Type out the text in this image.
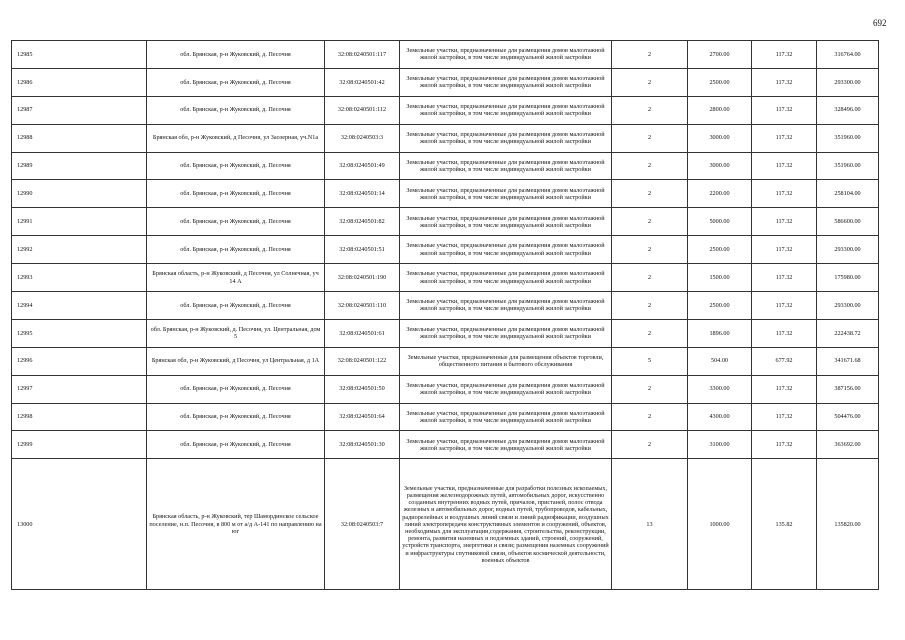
692
12985	обл. Брянская, р-н Жуковский, д. Песочня	32:08:0240501:117	Земельные участки, предназначенные для размещения домов малоэтажной жилой застройки, в том числе индивидуальной жилой застройки	2	2700.00	117.32	316764.00
12986	обл. Брянская, р-н Жуковский, д. Песочня	32:08:0240501:42	Земельные участки, предназначенные для размещения домов малоэтажной жилой застройки, в том числе индивидуальной жилой застройки	2	2500.00	117.32	293300.00
12987	обл. Брянская, р-н Жуковский, д. Песочня	32:08:0240501:112	Земельные участки, предназначенные для размещения домов малоэтажной жилой застройки, в том числе индивидуальной жилой застройки	2	2800.00	117.32	328496.00
12988	Брянская обл, р-н Жуковский, д Песочня, ул Заозерная, уч.N1а	32:08:0240503:3	Земельные участки, предназначенные для размещения домов малоэтажной жилой застройки, в том числе индивидуальной жилой застройки	2	3000.00	117.32	351960.00
12989	обл. Брянская, р-н Жуковский, д. Песочня	32:08:0240501:49	Земельные участки, предназначенные для размещения домов малоэтажной жилой застройки, в том числе индивидуальной жилой застройки	2	3000.00	117.32	351960.00
12990	обл. Брянская, р-н Жуковский, д. Песочня	32:08:0240501:14	Земельные участки, предназначенные для размещения домов малоэтажной жилой застройки, в том числе индивидуальной жилой застройки	2	2200.00	117.32	258104.00
12991	обл. Брянская, р-н Жуковский, д. Песочня	32:08:0240501:82	Земельные участки, предназначенные для размещения домов малоэтажной жилой застройки, в том числе индивидуальной жилой застройки	2	5000.00	117.32	586600.00
12992	обл. Брянская, р-н Жуковский, д. Песочня	32:08:0240501:51	Земельные участки, предназначенные для размещения домов малоэтажной жилой застройки, в том числе индивидуальной жилой застройки	2	2500.00	117.32	293300.00
12993	Брянская область, р-н Жуковский, д Песочня, ул Солнечная, уч 14 А	32:08:0240501:190	Земельные участки, предназначенные для размещения домов малоэтажной жилой застройки, в том числе индивидуальной жилой застройки	2	1500.00	117.32	175980.00
12994	обл. Брянская, р-н Жуковский, д. Песочня	32:08:0240501:110	Земельные участки, предназначенные для размещения домов малоэтажной жилой застройки, в том числе индивидуальной жилой застройки	2	2500.00	117.32	293300.00
12995	обл. Брянская, р-н Жуковский, д. Песочня, ул. Центральная, дом 5	32:08:0240501:61	Земельные участки, предназначенные для размещения домов малоэтажной жилой застройки, в том числе индивидуальной жилой застройки	2	1896.00	117.32	222438.72
12996	Брянская обл, р-н Жуковский, д Песочня, ул Центральная, д 1А	32:08:0240501:122	Земельные участки, предназначенные для размещения объектов торговли, общественного питания и бытового обслуживания	5	504.00	677.92	341671.68
12997	обл. Брянская, р-н Жуковский, д. Песочня	32:08:0240501:50	Земельные участки, предназначенные для размещения домов малоэтажной жилой застройки, в том числе индивидуальной жилой застройки	2	3300.00	117.32	387156.00
12998	обл. Брянская, р-н Жуковский, д. Песочня	32:08:0240501:64	Земельные участки, предназначенные для размещения домов малоэтажной жилой застройки, в том числе индивидуальной жилой застройки	2	4300.00	117.32	504476.00
12999	обл. Брянская, р-н Жуковский, д. Песочня	32:08:0240501:30	Земельные участки, предназначенные для размещения домов малоэтажной жилой застройки, в том числе индивидуальной жилой застройки	2	3100.00	117.32	363692.00
13000	Брянская область, р-н Жуковский, тер Шамординское сельское поселение, н.п. Песочня, в 800 м от а/д А-141 по направлению на юг	32:08:0240503:7	Земельные участки, предназначенные для разработки полезных ископаемых, размещения железнодорожных путей, автомобильных дорог, искусственно созданных внутренних водных путей, причалов, пристаней, полос отвода железных и автомобильных дорог, водных путей, трубопроводов, кабельных, радиорелейных и воздушных линий связи и линий радиофикации, воздушных линий электропередачи конструктивных элементов и сооружений, объектов, необходимых для эксплуатации,содержания, строительства, реконструкции, ремонта, развития наземных и подземных зданий, строений, сооружений, устройств транспорта, энергетики и связи; размещения наземных сооружений и инфраструктуры спутниковой связи, объектов космической деятельности, военных объектов	13	1000.00	135.82	135820.00
